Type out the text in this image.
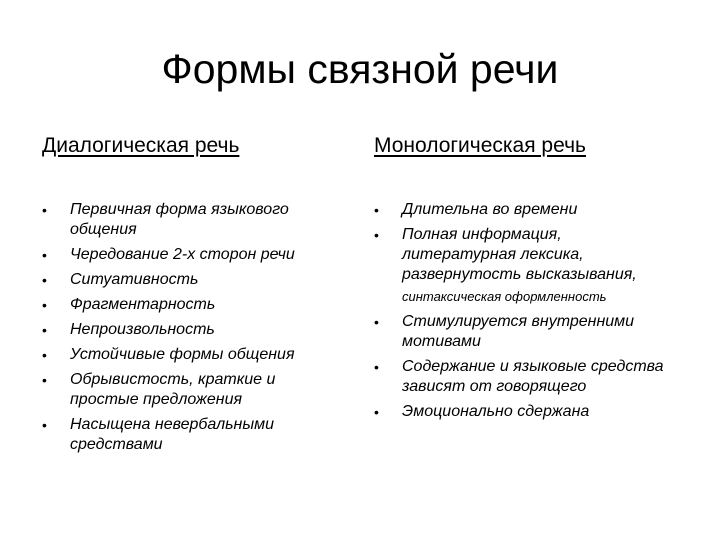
Формы связной речи
Диалогическая речь
• Первичная форма языкового общения
• Чередование 2-х сторон речи
• Ситуативность
• Фрагментарность
• Непроизвольность
• Устойчивые формы общения
• Обрывистость, краткие и простые предложения
• Насыщена невербальными средствами
Монологическая речь
• Длительна во времени
• Полная информация, литературная лексика, развернутость высказывания,
синтаксическая оформленность
• Стимулируется внутренними мотивами
• Содержание и языковые средства зависят от говорящего
• Эмоционально сдержана
